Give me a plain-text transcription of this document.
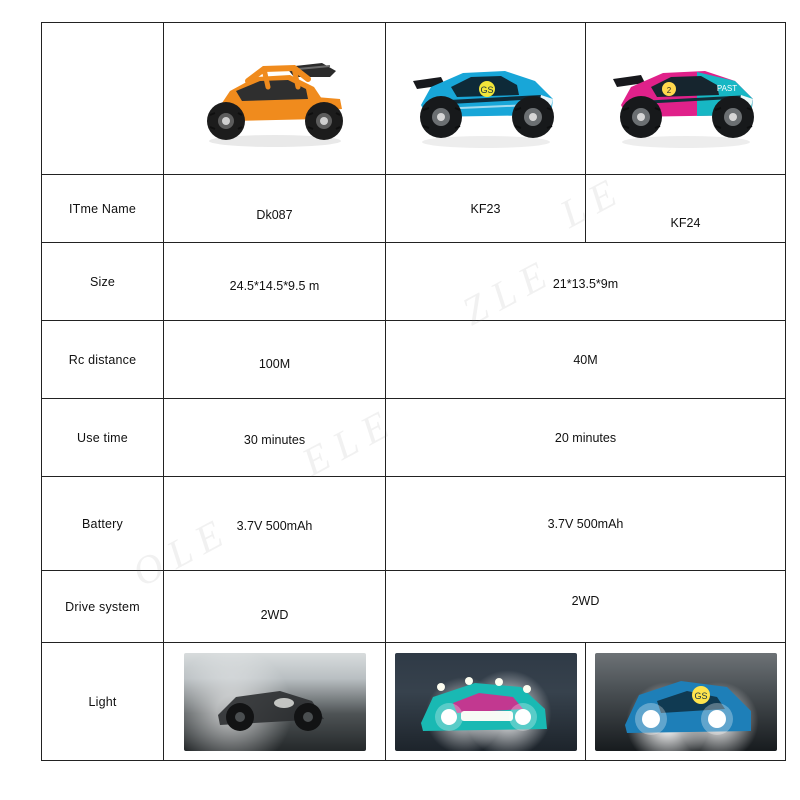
GS	PAST
2

ITme Name	Dk087	KF23	KF24

Size	24.5*14.5*9.5 m	21*13.5*9m	

Rc distance	100M	40M	

Use time	30 minutes	20 minutes	

Battery	3.7V 500mAh	3.7V 500mAh	

Drive system	2WD	2WD	

Light			GS
L E
Z L E
E L E
O L E
